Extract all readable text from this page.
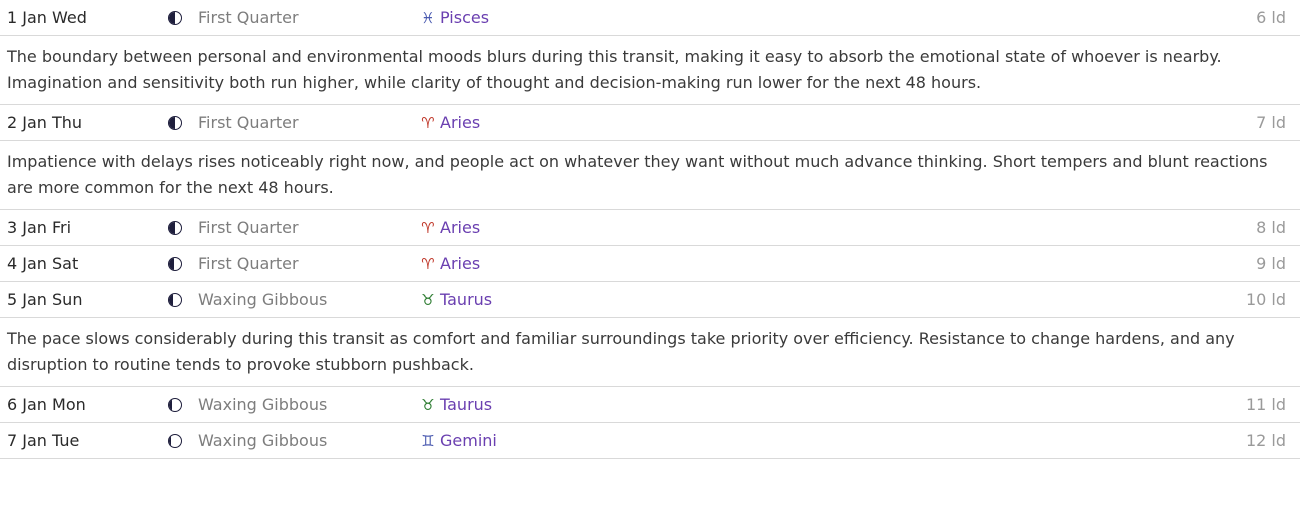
1 Jan Wed	First Quarter	♓︎ Pisces	6 ld
The boundary between personal and environmental moods blurs during this transit, making it easy to absorb the emotional state of whoever is nearby. Imagination and sensitivity both run higher, while clarity of thought and decision-making run lower for the next 48 hours.
2 Jan Thu	First Quarter	♈︎ Aries	7 ld
Impatience with delays rises noticeably right now, and people act on whatever they want without much advance thinking. Short tempers and blunt reactions are more common for the next 48 hours.
3 Jan Fri	First Quarter	♈︎ Aries	8 ld
4 Jan Sat	First Quarter	♈︎ Aries	9 ld
5 Jan Sun	Waxing Gibbous	♉︎ Taurus	10 ld
The pace slows considerably during this transit as comfort and familiar surroundings take priority over efficiency. Resistance to change hardens, and any disruption to routine tends to provoke stubborn pushback.
6 Jan Mon	Waxing Gibbous	♉︎ Taurus	11 ld
7 Jan Tue	Waxing Gibbous	♊︎ Gemini	12 ld
